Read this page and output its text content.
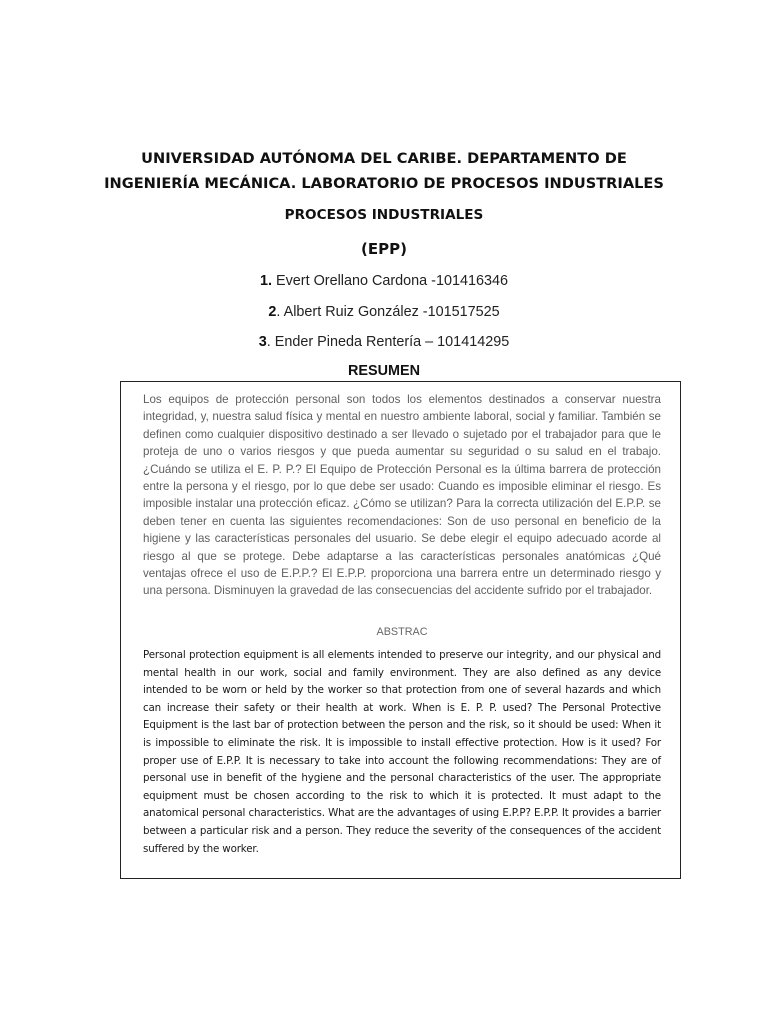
UNIVERSIDAD AUTÓNOMA DEL CARIBE. DEPARTAMENTO DE
INGENIERÍA MECÁNICA. LABORATORIO DE PROCESOS INDUSTRIALES
PROCESOS INDUSTRIALES
(EPP)
1. Evert Orellano Cardona -101416346
2. Albert Ruiz González -101517525
3. Ender Pineda Rentería – 101414295
RESUMEN

Los equipos de protección personal son todos los elementos destinados a conservar nuestra integridad, y, nuestra salud física y mental en nuestro ambiente laboral, social y familiar. También se definen como cualquier dispositivo destinado a ser llevado o sujetado por el trabajador para que le proteja de uno o varios riesgos y que pueda aumentar su seguridad o su salud en el trabajo. ¿Cuándo se utiliza el E. P. P.? El Equipo de Protección Personal es la última barrera de protección entre la persona y el riesgo, por lo que debe ser usado: Cuando es imposible eliminar el riesgo. Es imposible instalar una protección eficaz. ¿Cómo se utilizan? Para la correcta utilización del E.P.P. se deben tener en cuenta las siguientes recomendaciones: Son de uso personal en beneficio de la higiene y las características personales del usuario. Se debe elegir el equipo adecuado acorde al riesgo al que se protege. Debe adaptarse a las características personales anatómicas ¿Qué ventajas ofrece el uso de E.P.P.? El E.P.P. proporciona una barrera entre un determinado riesgo y una persona. Disminuyen la gravedad de las consecuencias del accidente sufrido por el trabajador.

ABSTRAC

Personal protection equipment is all elements intended to preserve our integrity, and our physical and mental health in our work, social and family environment. They are also defined as any device intended to be worn or held by the worker so that protection from one of several hazards and which can increase their safety or their health at work. When is E. P. P. used? The Personal Protective Equipment is the last bar of protection between the person and the risk, so it should be used: When it is impossible to eliminate the risk. It is impossible to install effective protection. How is it used? For proper use of E.P.P. It is necessary to take into account the following recommendations: They are of personal use in benefit of the hygiene and the personal characteristics of the user. The appropriate equipment must be chosen according to the risk to which it is protected. It must adapt to the anatomical personal characteristics. What are the advantages of using E.P.P? E.P.P. It provides a barrier between a particular risk and a person. They reduce the severity of the consequences of the accident suffered by the worker.
